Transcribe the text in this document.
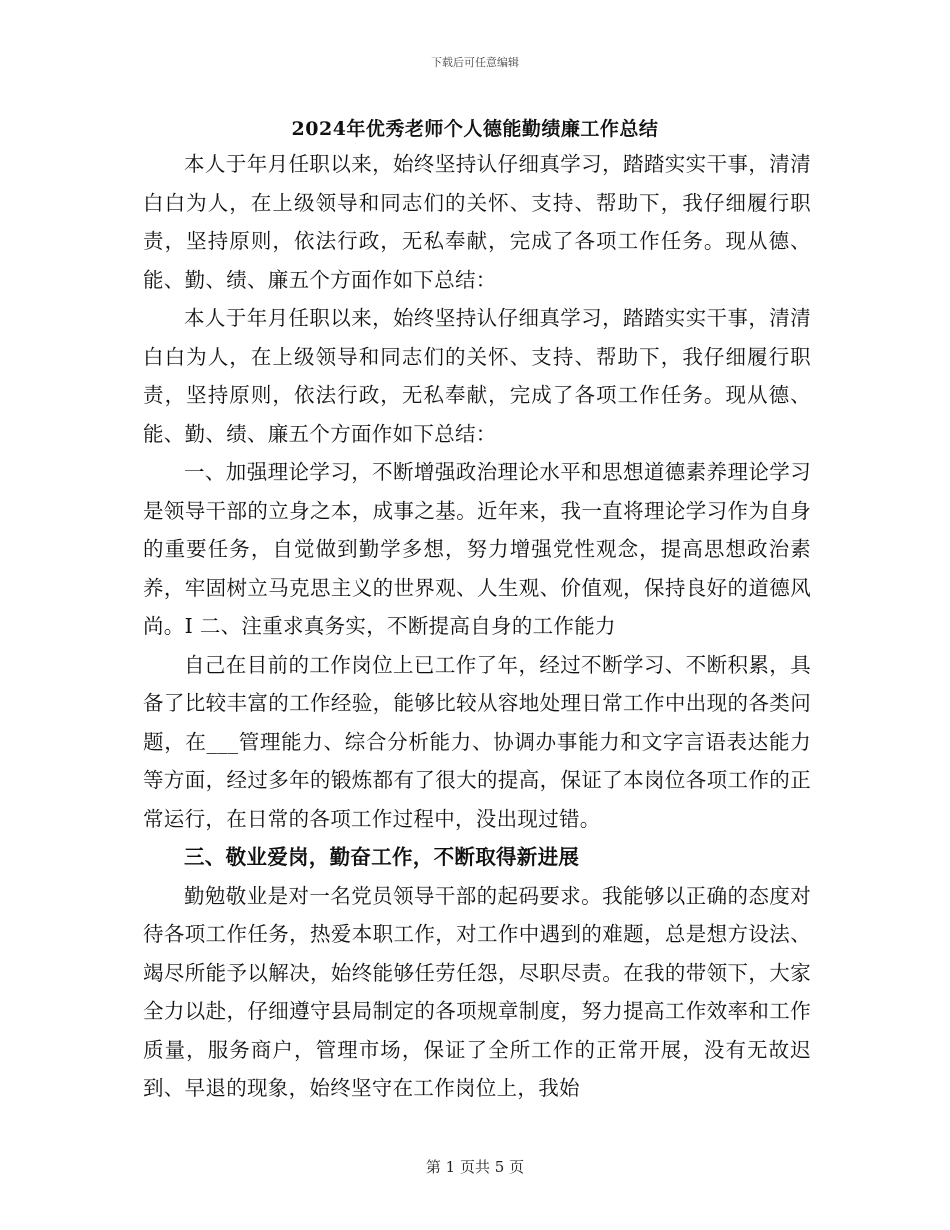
下载后可任意编辑
2024年优秀老师个人德能勤绩廉工作总结

本人于年月任职以来，始终坚持认仔细真学习，踏踏实实干事，清清白白为人，在上级领导和同志们的关怀、支持、帮助下，我仔细履行职责，坚持原则，依法行政，无私奉献，完成了各项工作任务。现从德、能、勤、绩、廉五个方面作如下总结：

本人于年月任职以来，始终坚持认仔细真学习，踏踏实实干事，清清白白为人，在上级领导和同志们的关怀、支持、帮助下，我仔细履行职责，坚持原则，依法行政，无私奉献，完成了各项工作任务。现从德、能、勤、绩、廉五个方面作如下总结：

一、加强理论学习，不断增强政治理论水平和思想道德素养理论学习是领导干部的立身之本，成事之基。近年来，我一直将理论学习作为自身的重要任务，自觉做到勤学多想，努力增强党性观念，提高思想政治素养，牢固树立马克思主义的世界观、人生观、价值观，保持良好的道德风尚。I 二、注重求真务实，不断提高自身的工作能力

自己在目前的工作岗位上已工作了年，经过不断学习、不断积累，具备了比较丰富的工作经验，能够比较从容地处理日常工作中出现的各类问题，在___管理能力、综合分析能力、协调办事能力和文字言语表达能力等方面，经过多年的锻炼都有了很大的提高，保证了本岗位各项工作的正常运行，在日常的各项工作过程中，没出现过错。

三、敬业爱岗，勤奋工作，不断取得新进展

勤勉敬业是对一名党员领导干部的起码要求。我能够以正确的态度对待各项工作任务，热爱本职工作，对工作中遇到的难题，总是想方设法、竭尽所能予以解决，始终能够任劳任怨，尽职尽责。在我的带领下，大家全力以赴，仔细遵守县局制定的各项规章制度，努力提高工作效率和工作质量，服务商户，管理市场，保证了全所工作的正常开展，没有无故迟到、早退的现象，始终坚守在工作岗位上，我始

第 1 页共 5 页
